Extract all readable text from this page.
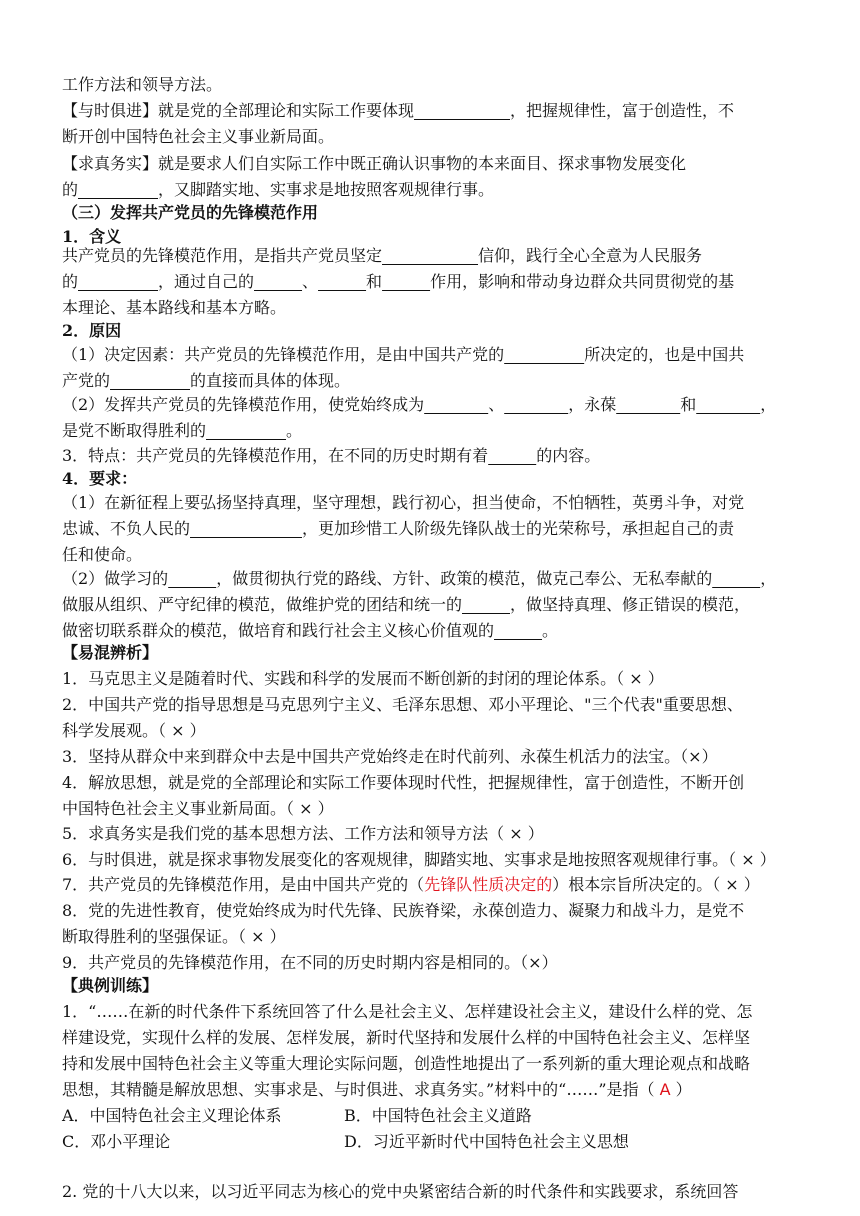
工作方法和领导方法。
【与时俱进】就是党的全部理论和实际工作要体现      	，把握规律性，富于创造性，不
断开创中国特色社会主义事业新局面。
【求真务实】就是要求人们自实际工作中既正确认识事物的本来面目、探求事物发展变化
的     	，又脚踏实地、实事求是地按照客观规律行事。
（三）发挥共产党员的先锋模范作用
1．含义
共产党员的先锋模范作用，是指共产党员坚定      	信仰，践行全心全意为人民服务
的     	，通过自己的   	、   	和   	作用，影响和带动身边群众共同贯彻党的基
本理论、基本路线和基本方略。
2．原因
（1）决定因素：共产党员的先锋模范作用，是由中国共产党的     	所决定的，也是中国共
产党的     	的直接而具体的体现。
（2）发挥共产党员的先锋模范作用，使党始终成为    	、    	，永葆    	和    	，
是党不断取得胜利的     	。
3．特点：共产党员的先锋模范作用，在不同的历史时期有着   	的内容。
4．要求：
（1）在新征程上要弘扬坚持真理，坚守理想，践行初心，担当使命，不怕牺牲，英勇斗争，对党
忠诚、不负人民的       	，更加珍惜工人阶级先锋队战士的光荣称号，承担起自己的责
任和使命。
（2）做学习的   	，做贯彻执行党的路线、方针、政策的模范，做克己奉公、无私奉献的   	，
做服从组织、严守纪律的模范，做维护党的团结和统一的   	，做坚持真理、修正错误的模范，
做密切联系群众的模范，做培育和践行社会主义核心价值观的   	。
【易混辨析】
1．马克思主义是随着时代、实践和科学的发展而不断创新的封闭的理论体系。（ × ）
2．中国共产党的指导思想是马克思列宁主义、毛泽东思想、邓小平理论、"三个代表"重要思想、
科学发展观。（ × ）
3．坚持从群众中来到群众中去是中国共产党始终走在时代前列、永葆生机活力的法宝。（×）
4．解放思想，就是党的全部理论和实际工作要体现时代性，把握规律性，富于创造性，不断开创
中国特色社会主义事业新局面。（ × ）
5．求真务实是我们党的基本思想方法、工作方法和领导方法（ × ）
6．与时俱进，就是探求事物发展变化的客观规律，脚踏实地、实事求是地按照客观规律行事。（ × ）
7．共产党员的先锋模范作用，是由中国共产党的（先锋队性质决定的）根本宗旨所决定的。（ × ）
8．党的先进性教育，使党始终成为时代先锋、民族脊梁，永葆创造力、凝聚力和战斗力，是党不
断取得胜利的坚强保证。（ × ）
9．共产党员的先锋模范作用，在不同的历史时期内容是相同的。（×）
【典例训练】
1．“……在新的时代条件下系统回答了什么是社会主义、怎样建设社会主义，建设什么样的党、怎
样建设党，实现什么样的发展、怎样发展，新时代坚持和发展什么样的中国特色社会主义、怎样坚
持和发展中国特色社会主义等重大理论实际问题，创造性地提出了一系列新的重大理论观点和战略
思想，其精髓是解放思想、实事求是、与时俱进、求真务实。”材料中的“……”是指（ A ）
A．中国特色社会主义理论体系	B．中国特色社会主义道路
C．邓小平理论	D．习近平新时代中国特色社会主义思想
2. 党的十八大以来，以习近平同志为核心的党中央紧密结合新的时代条件和实践要求，系统回答
